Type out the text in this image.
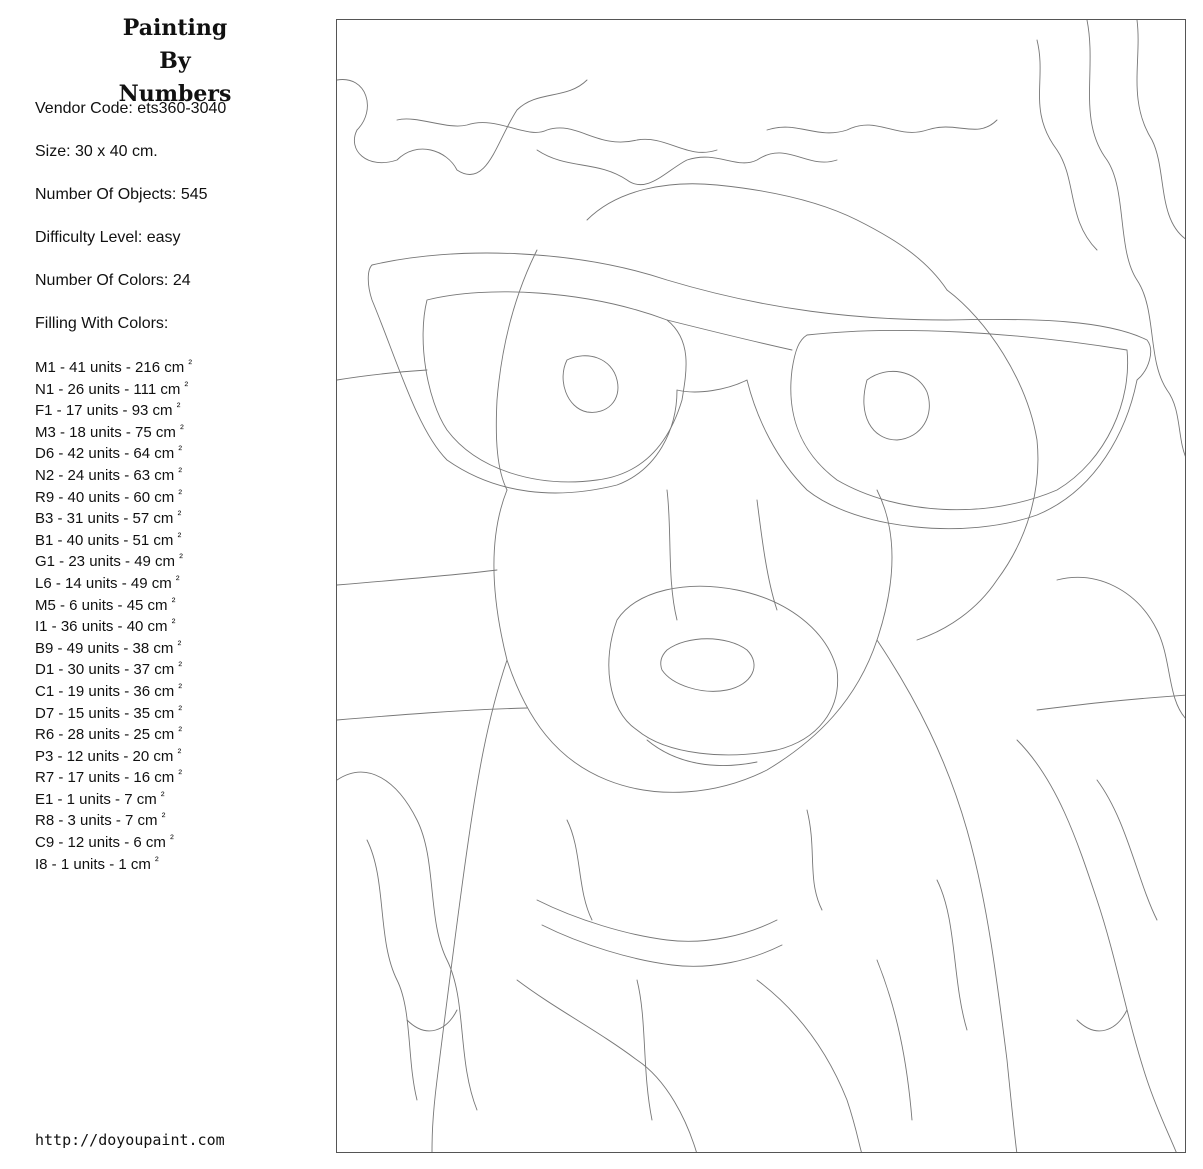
Painting
By Numbers
Vendor Code: ets360-3040
Size: 30 x 40 cm.
Number Of Objects: 545
Difficulty Level: easy
Number Of Colors: 24
Filling With Colors:
M1 - 41 units - 216 cm $^{^2}$
N1 - 26 units - 111 cm $^{^2}$
F1 - 17 units - 93 cm $^{^2}$
M3 - 18 units - 75 cm $^{^2}$
D6 - 42 units - 64 cm $^{^2}$
N2 - 24 units - 63 cm $^{^2}$
R9 - 40 units - 60 cm $^{^2}$
B3 - 31 units - 57 cm $^{^2}$
B1 - 40 units - 51 cm $^{^2}$
G1 - 23 units - 49 cm $^{^2}$
L6 - 14 units - 49 cm $^{^2}$
M5 - 6 units - 45 cm $^{^2}$
I1 - 36 units - 40 cm $^{^2}$
B9 - 49 units - 38 cm $^{^2}$
D1 - 30 units - 37 cm $^{^2}$
C1 - 19 units - 36 cm $^{^2}$
D7 - 15 units - 35 cm $^{^2}$
R6 - 28 units - 25 cm $^{^2}$
P3 - 12 units - 20 cm $^{^2}$
R7 - 17 units - 16 cm $^{^2}$
E1 - 1 units - 7 cm $^{^2}$
R8 - 3 units - 7 cm $^{^2}$
C9 - 12 units - 6 cm $^{^2}$
I8 - 1 units - 1 cm $^{^2}$
http://doyoupaint.com
